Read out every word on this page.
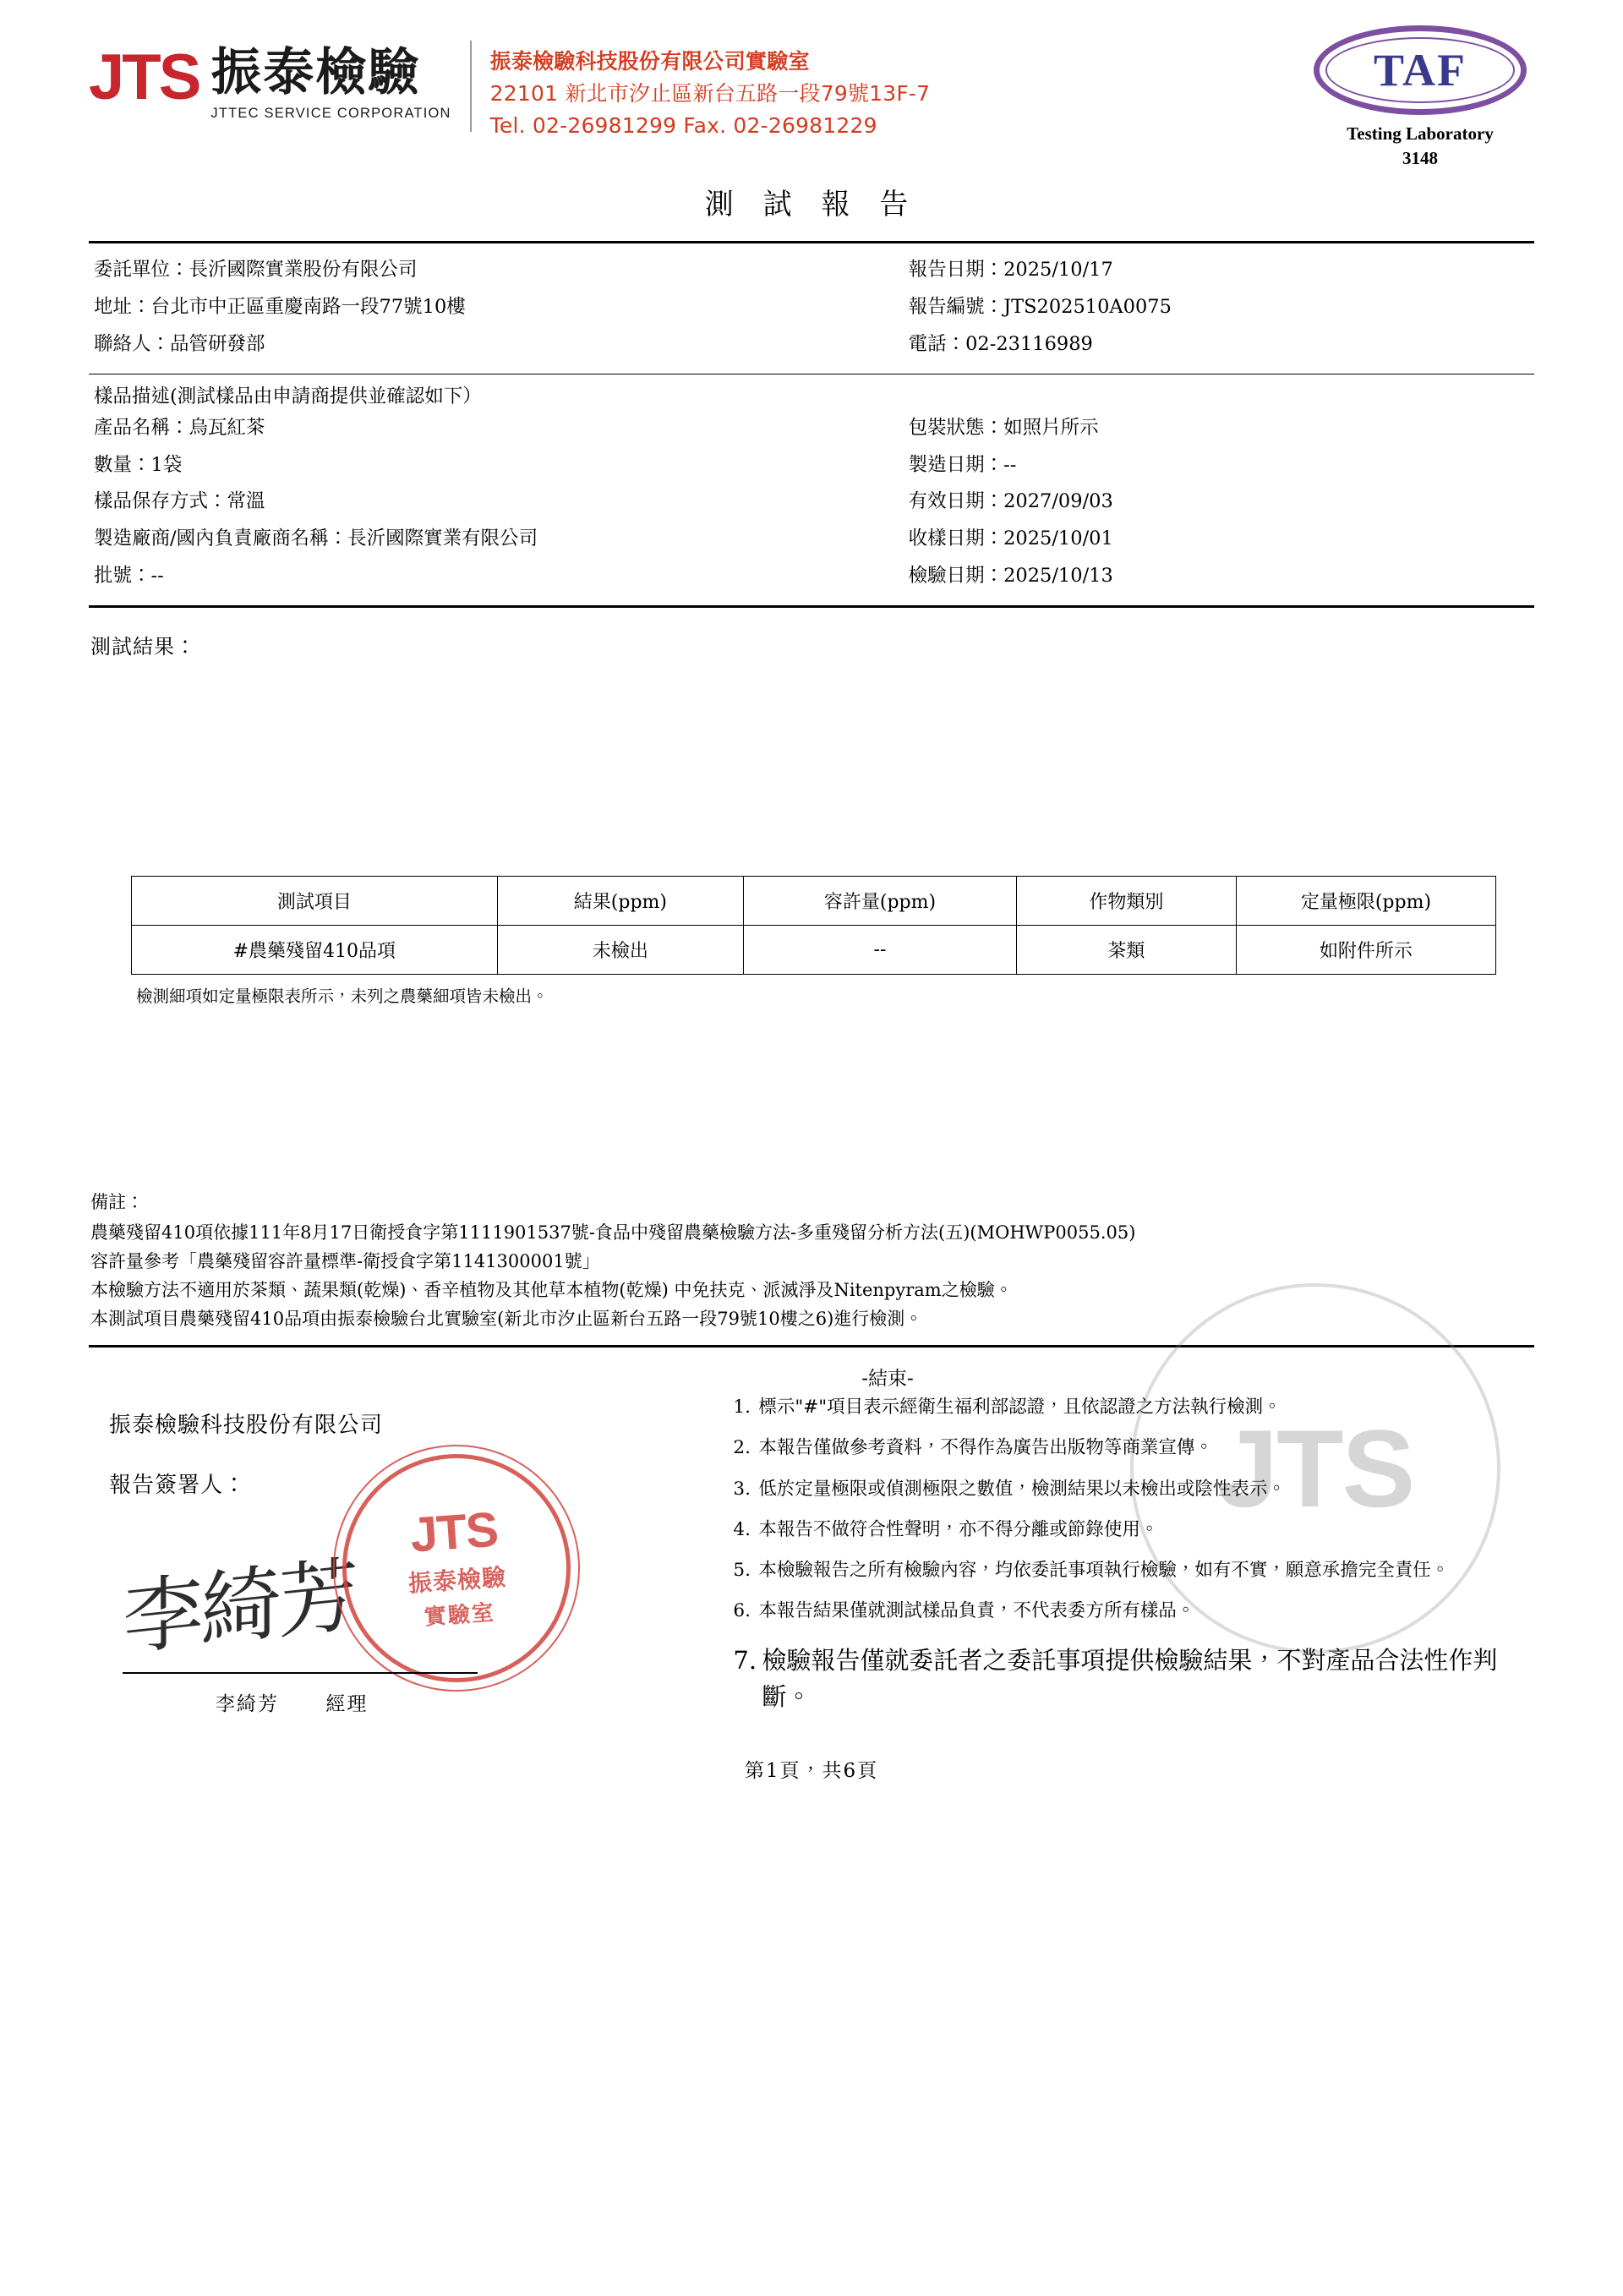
JTS 振泰檢驗
JTTEC SERVICE CORPORATION
振泰檢驗科技股份有限公司實驗室
22101 新北市汐止區新台五路一段79號13F-7
Tel. 02-26981299 Fax. 02-26981229
TAF
Testing Laboratory
3148
測 試 報 告
委託單位：長沂國際實業股份有限公司
地址：台北市中正區重慶南路一段77號10樓
聯絡人：品管研發部
報告日期：2025/10/17
報告編號：JTS202510A0075
電話：02-23116989
樣品描述(測試樣品由申請商提供並確認如下）
產品名稱：烏瓦紅茶
數量：1袋
樣品保存方式：常溫
製造廠商/國內負責廠商名稱：長沂國際實業有限公司
批號：--
包裝狀態：如照片所示
製造日期：--
有效日期：2027/09/03
收樣日期：2025/10/01
檢驗日期：2025/10/13
測試結果：
測試項目	結果(ppm)	容許量(ppm)	作物類別	定量極限(ppm)
#農藥殘留410品項	未檢出	--	茶類	如附件所示
檢測細項如定量極限表所示，未列之農藥細項皆未檢出。
備註：
農藥殘留410項依據111年8月17日衛授食字第1111901537號-食品中殘留農藥檢驗方法-多重殘留分析方法(五)(MOHWP0055.05)
容許量參考「農藥殘留容許量標準-衛授食字第1141300001號」
本檢驗方法不適用於茶類、蔬果類(乾燥)、香辛植物及其他草本植物(乾燥) 中免扶克、派滅淨及Nitenpyram之檢驗。
本測試項目農藥殘留410品項由振泰檢驗台北實驗室(新北市汐止區新台五路一段79號10樓之6)進行檢測。
-結束-
振泰檢驗科技股份有限公司
報告簽署人：
李綺芳
JTS
振泰檢驗
實驗室
李綺芳 經理
1. 標示"#"項目表示經衛生福利部認證，且依認證之方法執行檢測。
2. 本報告僅做參考資料，不得作為廣告出版物等商業宣傳。
3. 低於定量極限或偵測極限之數值，檢測結果以未檢出或陰性表示。
4. 本報告不做符合性聲明，亦不得分離或節錄使用。
5. 本檢驗報告之所有檢驗內容，均依委託事項執行檢驗，如有不實，願意承擔完全責任。
6. 本報告結果僅就測試樣品負責，不代表委方所有樣品。
7. 檢驗報告僅就委託者之委託事項提供檢驗結果，不對產品合法性作判斷。
JTS
第1頁，共6頁
